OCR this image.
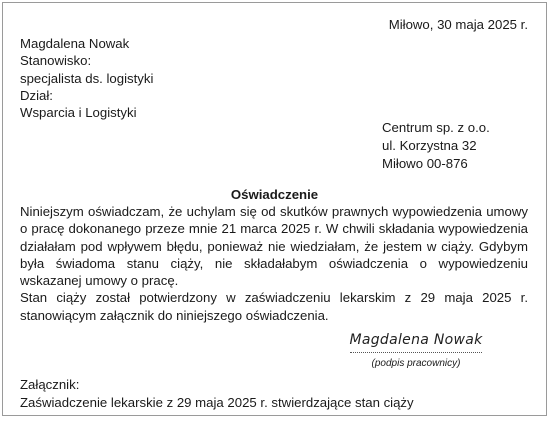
Miłowo, 30 maja 2025 r.
Magdalena Nowak
Stanowisko:
specjalista ds. logistyki
Dział:
Wsparcia i Logistyki
Centrum sp. z o.o.
ul. Korzystna 32
Miłowo 00-876
Oświadczenie

Niniejszym oświadczam, że uchylam się od skutków prawnych wypowiedzenia umowy o pracę dokonanego przeze mnie 21 marca 2025 r. W chwili składania wypowiedzenia działałam pod wpływem błędu, ponieważ nie wiedziałam, że jestem w ciąży. Gdybym była świadoma stanu ciąży, nie składałabym oświadczenia o wypowiedzeniu wskazanej umowy o pracę.

Stan ciąży został potwierdzony w zaświadczeniu lekarskim z 29 maja 2025 r. stanowiącym załącznik do niniejszego oświadczenia.

Magdalena Nowak
(podpis pracownicy)
Załącznik:
Zaświadczenie lekarskie z 29 maja 2025 r. stwierdzające stan ciąży
